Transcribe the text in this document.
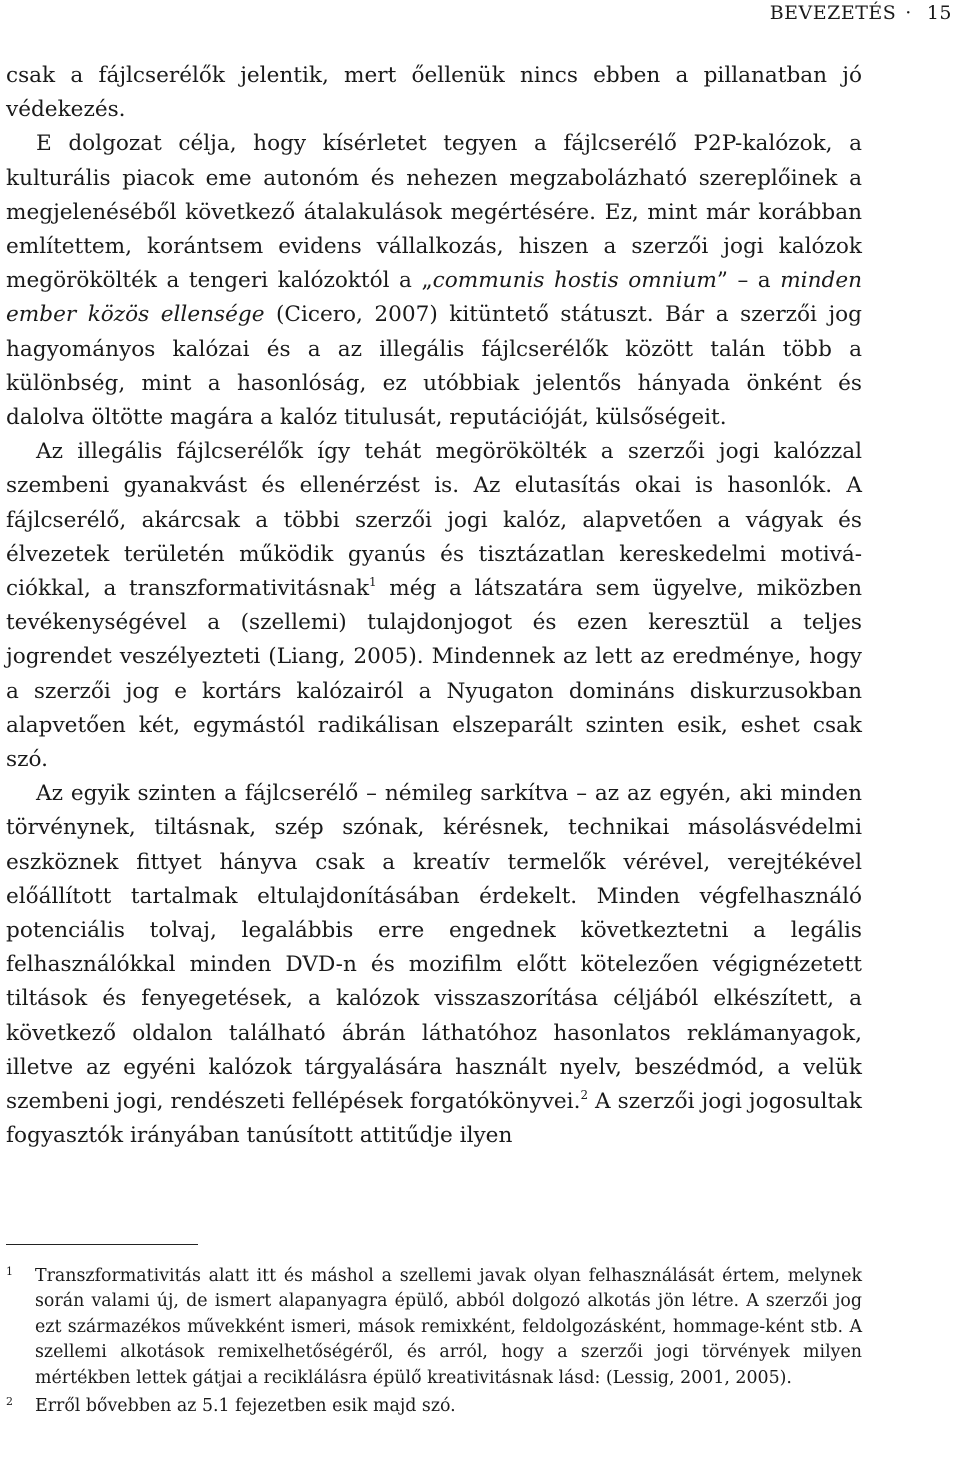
BEVEZETÉS · 15

csak a fájlcserélők jelentik, mert őellenük nincs ebben a pillanatban jó védekezés.

E dolgozat célja, hogy kísérletet tegyen a fájlcserélő P2P-kalózok, a kulturális piacok eme autonóm és nehezen megzabolázható szereplőinek a megjelenéséből következő átalakulások megértésére. Ez, mint már korábban említettem, korántsem evidens vállalkozás, hiszen a szerzői jogi kalózok megörökölték a tengeri kalózoktól a „communis hostis omnium” – a minden ember közös ellensége (Cicero, 2007) kitüntető státuszt. Bár a szerzői jog hagyományos kalózai és a az illegális fájlcserélők között talán több a különbség, mint a hasonlóság, ez utóbbiak jelentős hányada önként és dalolva öltötte magára a kalóz titulusát, reputációját, külsőségeit.

Az illegális fájlcserélők így tehát megörökölték a szerzői jogi kalózzal szembeni gyanakvást és ellenérzést is. Az elutasítás okai is hasonlók. A fájlcserélő, akárcsak a többi szerzői jogi kalóz, alapvetően a vágyak és élvezetek területén működik gyanús és tisztázatlan kereskedelmi motivációkkal, a transzformativitásnak$^1$ még a látszatára sem ügyelve, miközben tevékenységével a (szellemi) tulajdonjogot és ezen keresztül a teljes jogrendet veszélyezteti (Liang, 2005). Mindennek az lett az eredménye, hogy a szerzői jog e kortárs kalózairól a Nyugaton domináns diskurzusokban alapvetően két, egymástól radikálisan elszeparált szinten esik, eshet csak szó.

Az egyik szinten a fájlcserélő – némileg sarkítva – az az egyén, aki minden törvénynek, tiltásnak, szép szónak, kérésnek, technikai másolásvédelmi eszköznek fittyet hányva csak a kreatív termelők vérével, verejtékével előállított tartalmak eltulajdonításában érdekelt. Minden végfelhasználó potenciális tolvaj, legalábbis erre engednek következtetni a legális felhasználókkal minden DVD-n és mozifilm előtt kötelezően végignézetett tiltások és fenyegetések, a kalózok visszaszorítása céljából elkészített, a következő oldalon található ábrán láthatóhoz hasonlatos reklámanyagok, illetve az egyéni kalózok tárgyalására használt nyelv, beszédmód, a velük szembeni jogi, rendészeti fellépések forgatókönyvei.$^2$ A szerzői jogi jogosultak fogyasztók irányában tanúsított attitűdje ilyen

1 Transzformativitás alatt itt és máshol a szellemi javak olyan felhasználását értem, melynek során valami új, de ismert alapanyagra épülő, abból dolgozó alkotás jön létre. A szerzői jog ezt származékos művekként ismeri, mások remixként, feldolgozásként, hommage-ként stb. A szellemi alkotások remixelhetőségéről, és arról, hogy a szerzői jogi törvények milyen mértékben lettek gátjai a reciklálásra épülő kreativitásnak lásd: (Lessig, 2001, 2005).

2 Erről bővebben az 5.1 fejezetben esik majd szó.
